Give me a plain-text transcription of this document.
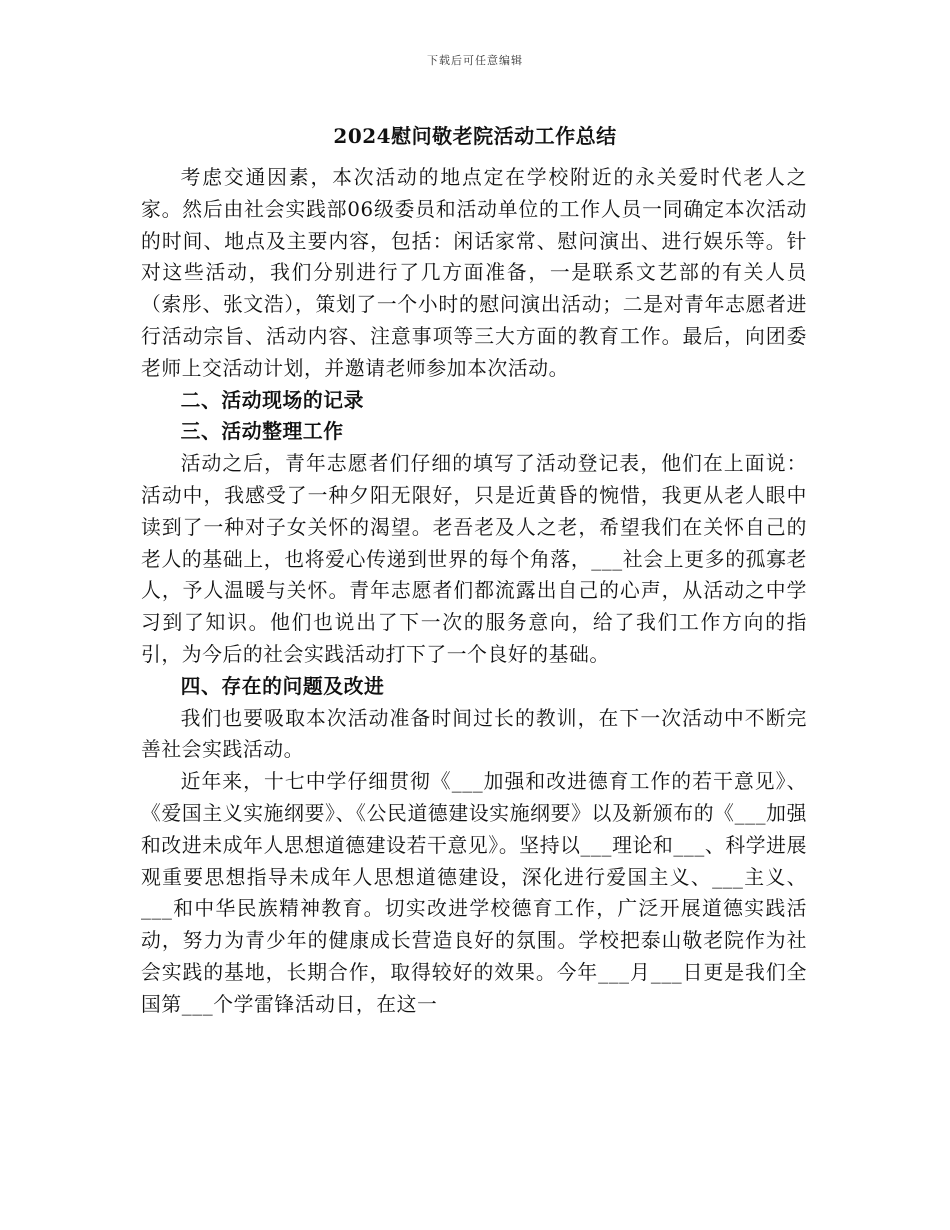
下载后可任意编辑
2024慰问敬老院活动工作总结

考虑交通因素，本次活动的地点定在学校附近的永关爱时代老人之家。然后由社会实践部06级委员和活动单位的工作人员一同确定本次活动的时间、地点及主要内容，包括：闲话家常、慰问演出、进行娱乐等。针对这些活动，我们分别进行了几方面准备，一是联系文艺部的有关人员（索彤、张文浩），策划了一个小时的慰问演出活动；二是对青年志愿者进行活动宗旨、活动内容、注意事项等三大方面的教育工作。最后，向团委老师上交活动计划，并邀请老师参加本次活动。

二、活动现场的记录

三、活动整理工作

活动之后，青年志愿者们仔细的填写了活动登记表，他们在上面说：活动中，我感受了一种夕阳无限好，只是近黄昏的惋惜，我更从老人眼中读到了一种对子女关怀的渴望。老吾老及人之老，希望我们在关怀自己的老人的基础上，也将爱心传递到世界的每个角落，___社会上更多的孤寡老人，予人温暖与关怀。青年志愿者们都流露出自己的心声，从活动之中学习到了知识。他们也说出了下一次的服务意向，给了我们工作方向的指引，为今后的社会实践活动打下了一个良好的基础。

四、存在的问题及改进

我们也要吸取本次活动准备时间过长的教训，在下一次活动中不断完善社会实践活动。

近年来，十七中学仔细贯彻《___加强和改进德育工作的若干意见》、《爱国主义实施纲要》、《公民道德建设实施纲要》以及新颁布的《___加强和改进未成年人思想道德建设若干意见》。坚持以___理论和___、科学进展观重要思想指导未成年人思想道德建设，深化进行爱国主义、___主义、___和中华民族精神教育。切实改进学校德育工作，广泛开展道德实践活动，努力为青少年的健康成长营造良好的氛围。学校把泰山敬老院作为社会实践的基地，长期合作，取得较好的效果。今年___月___日更是我们全国第___个学雷锋活动日，在这一
